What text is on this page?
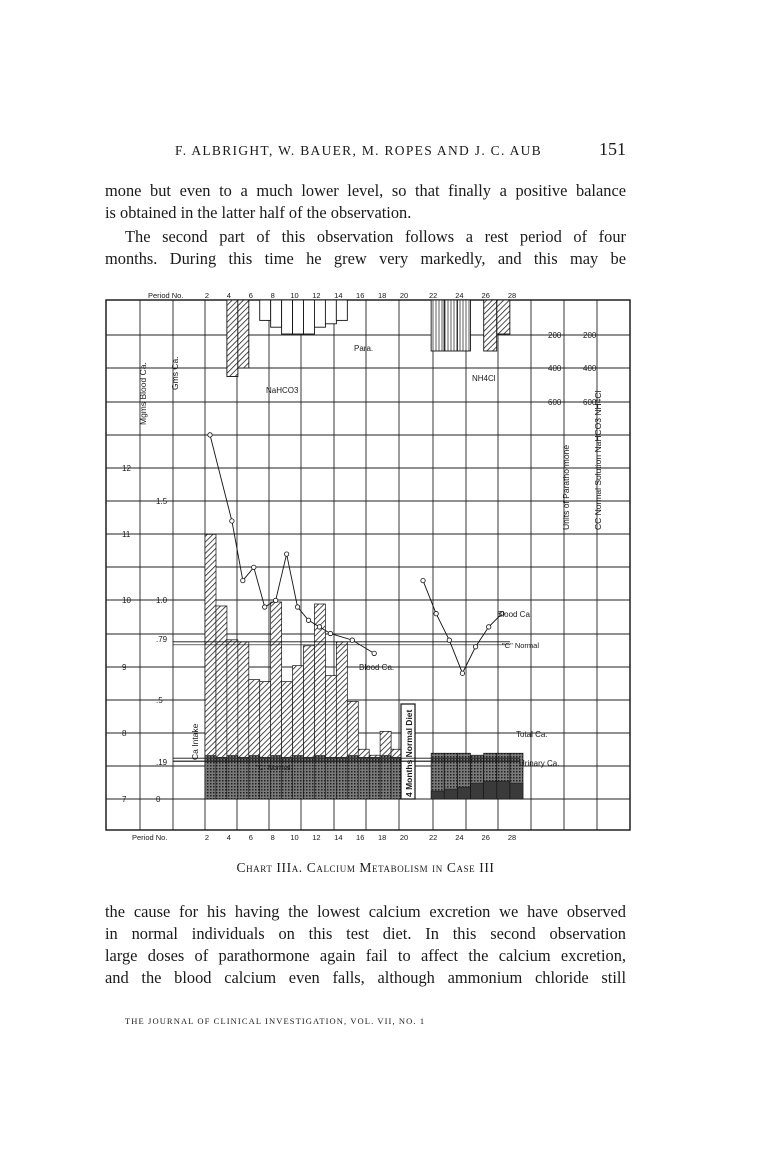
F. ALBRIGHT, W. BAUER, M. ROPES AND J. C. AUB	151
mone but even to a much lower level, so that finally a positive balance
is obtained in the latter half of the observation.
The second part of this observation follows a rest period of four
months. During this time he grew very markedly, and this may be
4 Months Normal Diet
2
2
4
4
6
6
8
8
10
10
12
12
14
14
16
16
18
18
20
20
22
22
24
24
26
26
28
28
Period No.
Period No.
12
11
10
9
8
7
1.5
1.0
.79
.5
.19
0
Mgms Blood Ca.	Gms Ca.
Ca Intake
200	200
400	400
600	600
Units of Parathormone	CC Normal Solution NaHCO3 NH4Cl
Para.
NaHCO3
NH4Cl
Blood Ca.
"C" Normal
Blood Ca.
Total Ca.
Urinary Ca.
"C" Normal
Chart IIIa. Calcium Metabolism in Case III
the cause for his having the lowest calcium excretion we have observed
in normal individuals on this test diet. In this second observation
large doses of parathormone again fail to affect the calcium excretion,
and the blood calcium even falls, although ammonium chloride still
THE JOURNAL OF CLINICAL INVESTIGATION, VOL. VII, NO. 1
